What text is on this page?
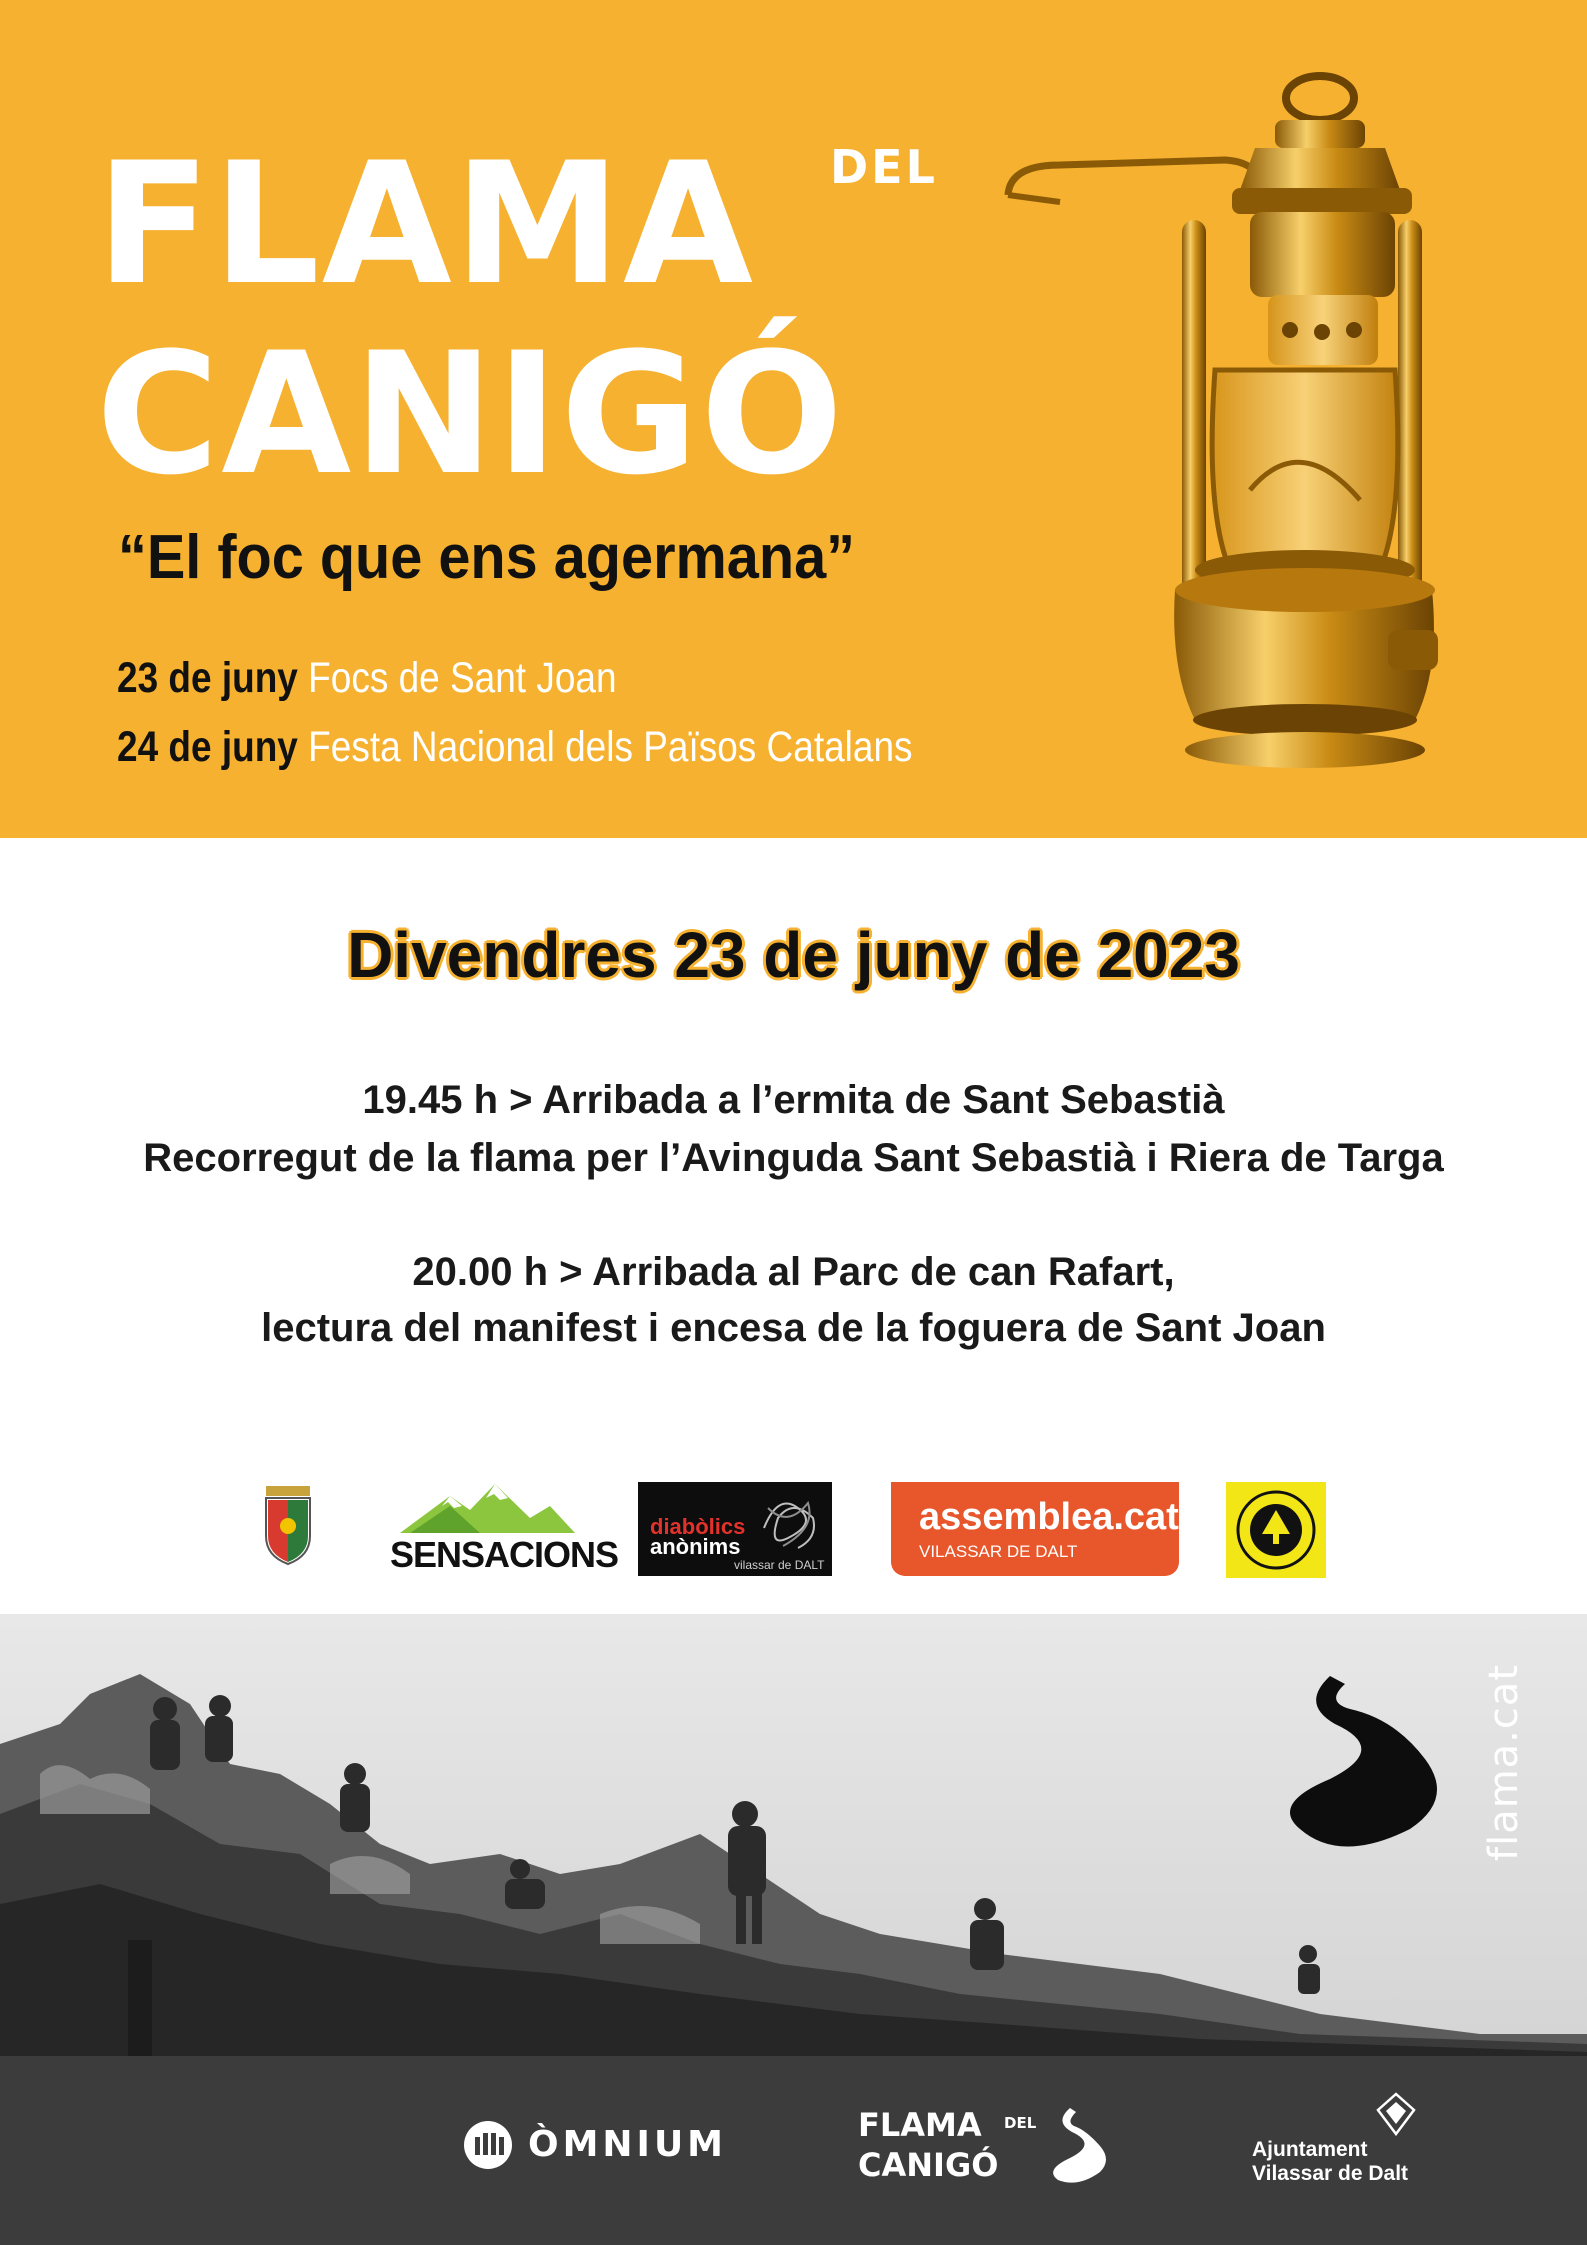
FLAMA DEL
CANIGÓ
“El foc que ens agermana”
23 de juny Focs de Sant Joan
24 de juny Festa Nacional dels Països Catalans
Divendres 23 de juny de 2023
19.45 h > Arribada a l’ermita de Sant Sebastià
Recorregut de la flama per l’Avinguda Sant Sebastià i Riera de Targa
20.00 h > Arribada al Parc de can Rafart,
lectura del manifest i encesa de la foguera de Sant Joan
SENSACIONS
diabòlics
anònims
vilassar de DALT
assemblea.cat
VILASSAR DE DALT
flama.cat
ÒMNIUM	FLAMA DEL
CANIGÓ	Ajuntament
Vilassar de Dalt
